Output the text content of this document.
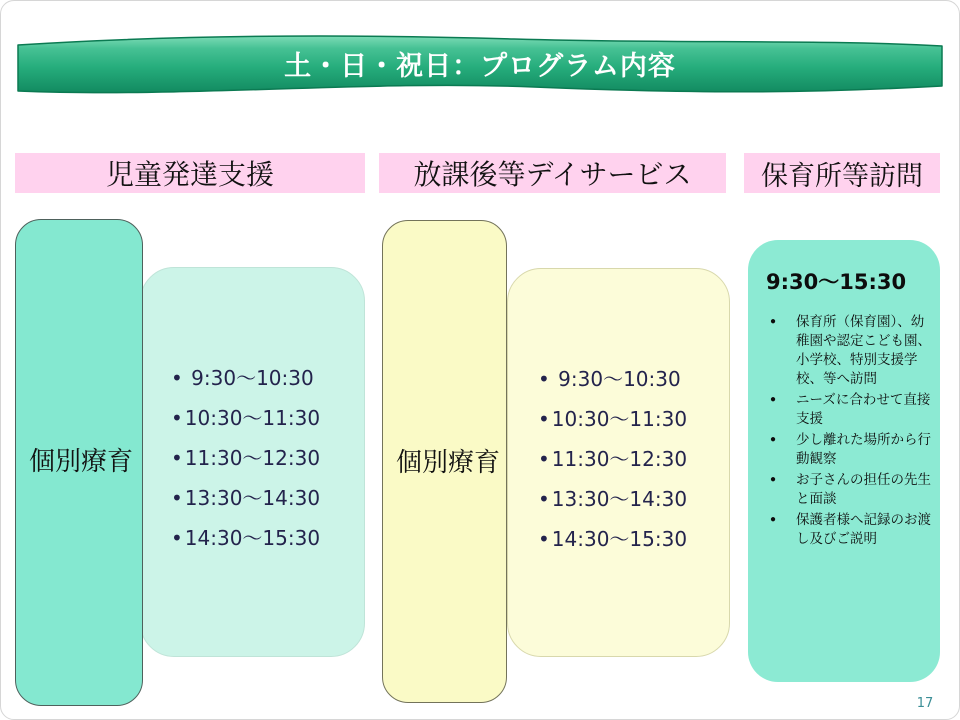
土・日・祝日：プログラム内容
児童発達支援	放課後等デイサービス	保育所等訪問
•  9:30～10:30
• 10:30～11:30
• 11:30～12:30
• 13:30～14:30
• 14:30～15:30
個別療育
•  9:30～10:30
• 10:30～11:30
• 11:30～12:30
• 13:30～14:30
• 14:30～15:30
個別療育
9:30～15:30
● 保育所（保育園）、幼稚園や認定こども園、小学校、特別支援学校、等へ訪問
● ニーズに合わせて直接支援
● 少し離れた場所から行動観察
● お子さんの担任の先生と面談
● 保護者様へ記録のお渡し及びご説明
17
